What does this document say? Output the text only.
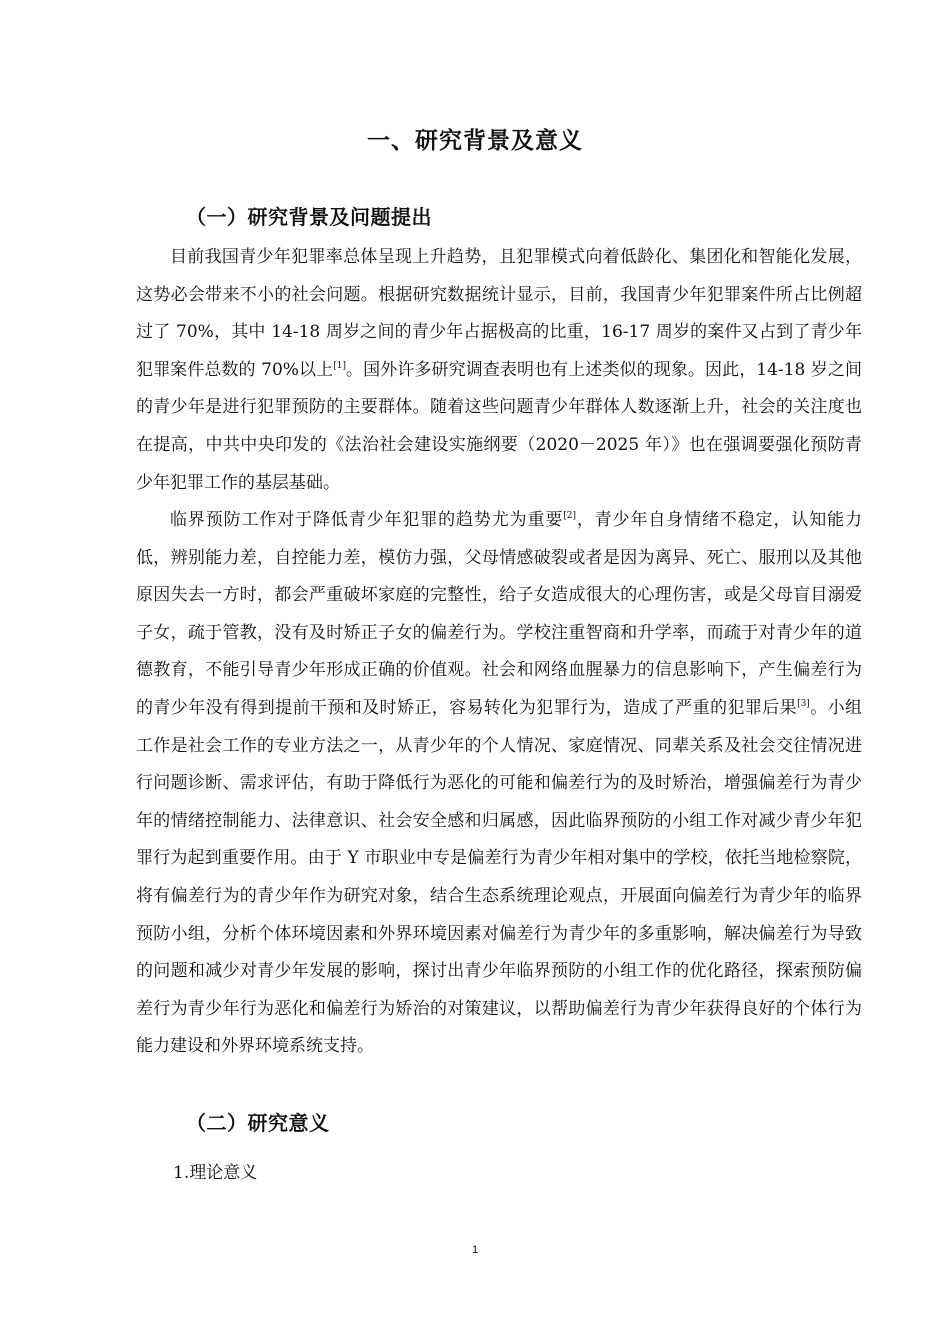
一、研究背景及意义
（一）研究背景及问题提出

目前我国青少年犯罪率总体呈现上升趋势，且犯罪模式向着低龄化、集团化和智能化发展，这势必会带来不小的社会问题。根据研究数据统计显示，目前，我国青少年犯罪案件所占比例超过了 70%，其中 14-18 周岁之间的青少年占据极高的比重，16-17 周岁的案件又占到了青少年犯罪案件总数的 70%以上[1]。国外许多研究调查表明也有上述类似的现象。因此，14-18 岁之间的青少年是进行犯罪预防的主要群体。随着这些问题青少年群体人数逐渐上升，社会的关注度也在提高，中共中央印发的《法治社会建设实施纲要（2020－2025 年）》也在强调要强化预防青少年犯罪工作的基层基础。

临界预防工作对于降低青少年犯罪的趋势尤为重要[2]，青少年自身情绪不稳定，认知能力低，辨别能力差，自控能力差，模仿力强，父母情感破裂或者是因为离异、死亡、服刑以及其他原因失去一方时，都会严重破坏家庭的完整性，给子女造成很大的心理伤害，或是父母盲目溺爱子女，疏于管教，没有及时矫正子女的偏差行为。学校注重智商和升学率，而疏于对青少年的道德教育，不能引导青少年形成正确的价值观。社会和网络血腥暴力的信息影响下，产生偏差行为的青少年没有得到提前干预和及时矫正，容易转化为犯罪行为，造成了严重的犯罪后果[3]。小组工作是社会工作的专业方法之一，从青少年的个人情况、家庭情况、同辈关系及社会交往情况进行问题诊断、需求评估，有助于降低行为恶化的可能和偏差行为的及时矫治，增强偏差行为青少年的情绪控制能力、法律意识、社会安全感和归属感，因此临界预防的小组工作对减少青少年犯罪行为起到重要作用。由于 Y 市职业中专是偏差行为青少年相对集中的学校，依托当地检察院，将有偏差行为的青少年作为研究对象，结合生态系统理论观点，开展面向偏差行为青少年的临界预防小组，分析个体环境因素和外界环境因素对偏差行为青少年的多重影响，解决偏差行为导致的问题和减少对青少年发展的影响，探讨出青少年临界预防的小组工作的优化路径，探索预防偏差行为青少年行为恶化和偏差行为矫治的对策建议，以帮助偏差行为青少年获得良好的个体行为能力建设和外界环境系统支持。

（二）研究意义

1.理论意义

1
